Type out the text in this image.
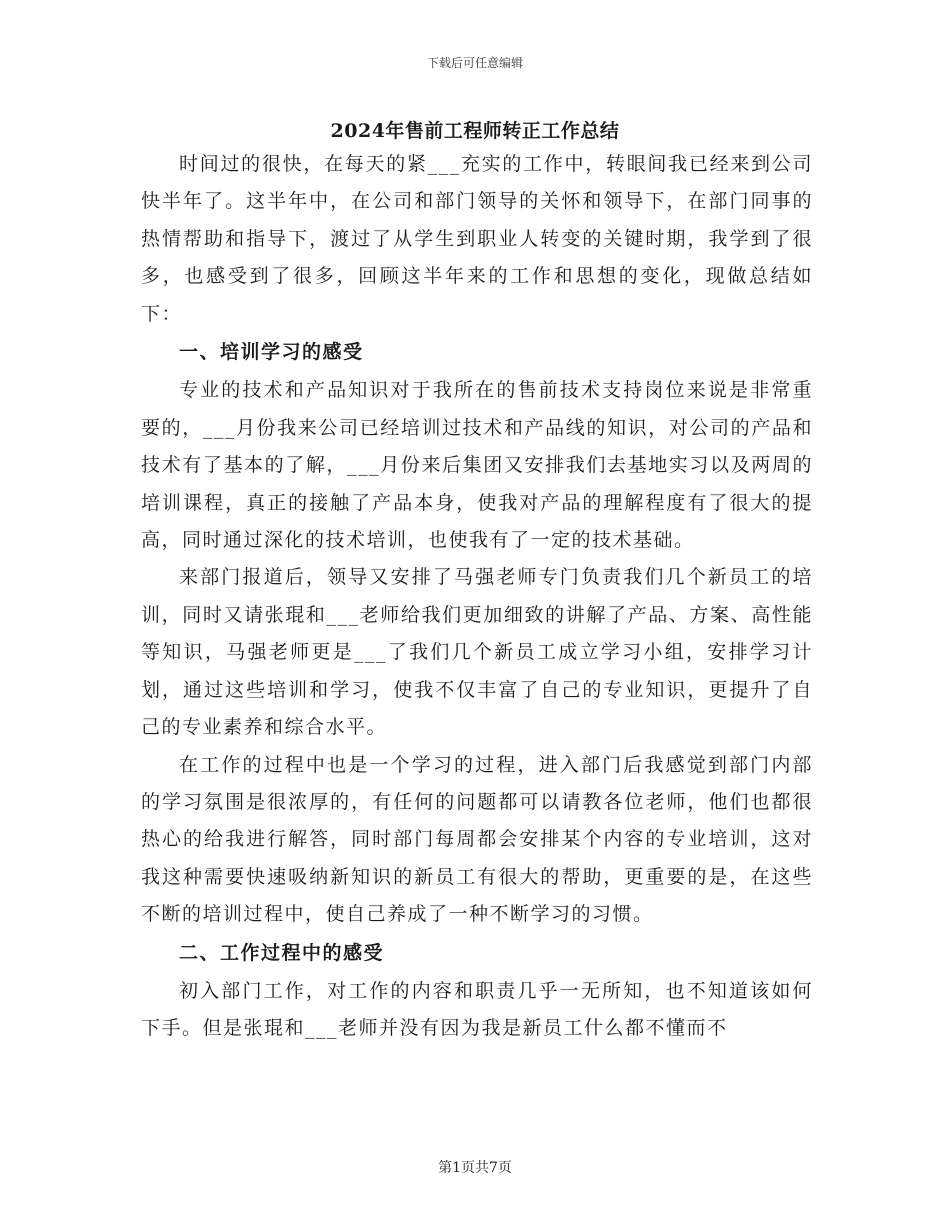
下载后可任意编辑
2024年售前工程师转正工作总结

时间过的很快，在每天的紧___充实的工作中，转眼间我已经来到公司快半年了。这半年中，在公司和部门领导的关怀和领导下，在部门同事的热情帮助和指导下，渡过了从学生到职业人转变的关键时期，我学到了很多，也感受到了很多，回顾这半年来的工作和思想的变化，现做总结如下：

一、培训学习的感受

专业的技术和产品知识对于我所在的售前技术支持岗位来说是非常重要的，___月份我来公司已经培训过技术和产品线的知识，对公司的产品和技术有了基本的了解，___月份来后集团又安排我们去基地实习以及两周的培训课程，真正的接触了产品本身，使我对产品的理解程度有了很大的提高，同时通过深化的技术培训，也使我有了一定的技术基础。

来部门报道后，领导又安排了马强老师专门负责我们几个新员工的培训，同时又请张琨和___老师给我们更加细致的讲解了产品、方案、高性能等知识，马强老师更是___了我们几个新员工成立学习小组，安排学习计划，通过这些培训和学习，使我不仅丰富了自己的专业知识，更提升了自己的专业素养和综合水平。

在工作的过程中也是一个学习的过程，进入部门后我感觉到部门内部的学习氛围是很浓厚的，有任何的问题都可以请教各位老师，他们也都很热心的给我进行解答，同时部门每周都会安排某个内容的专业培训，这对我这种需要快速吸纳新知识的新员工有很大的帮助，更重要的是，在这些不断的培训过程中，使自己养成了一种不断学习的习惯。

二、工作过程中的感受

初入部门工作，对工作的内容和职责几乎一无所知，也不知道该如何下手。但是张琨和___老师并没有因为我是新员工什么都不懂而不

第1页共7页
